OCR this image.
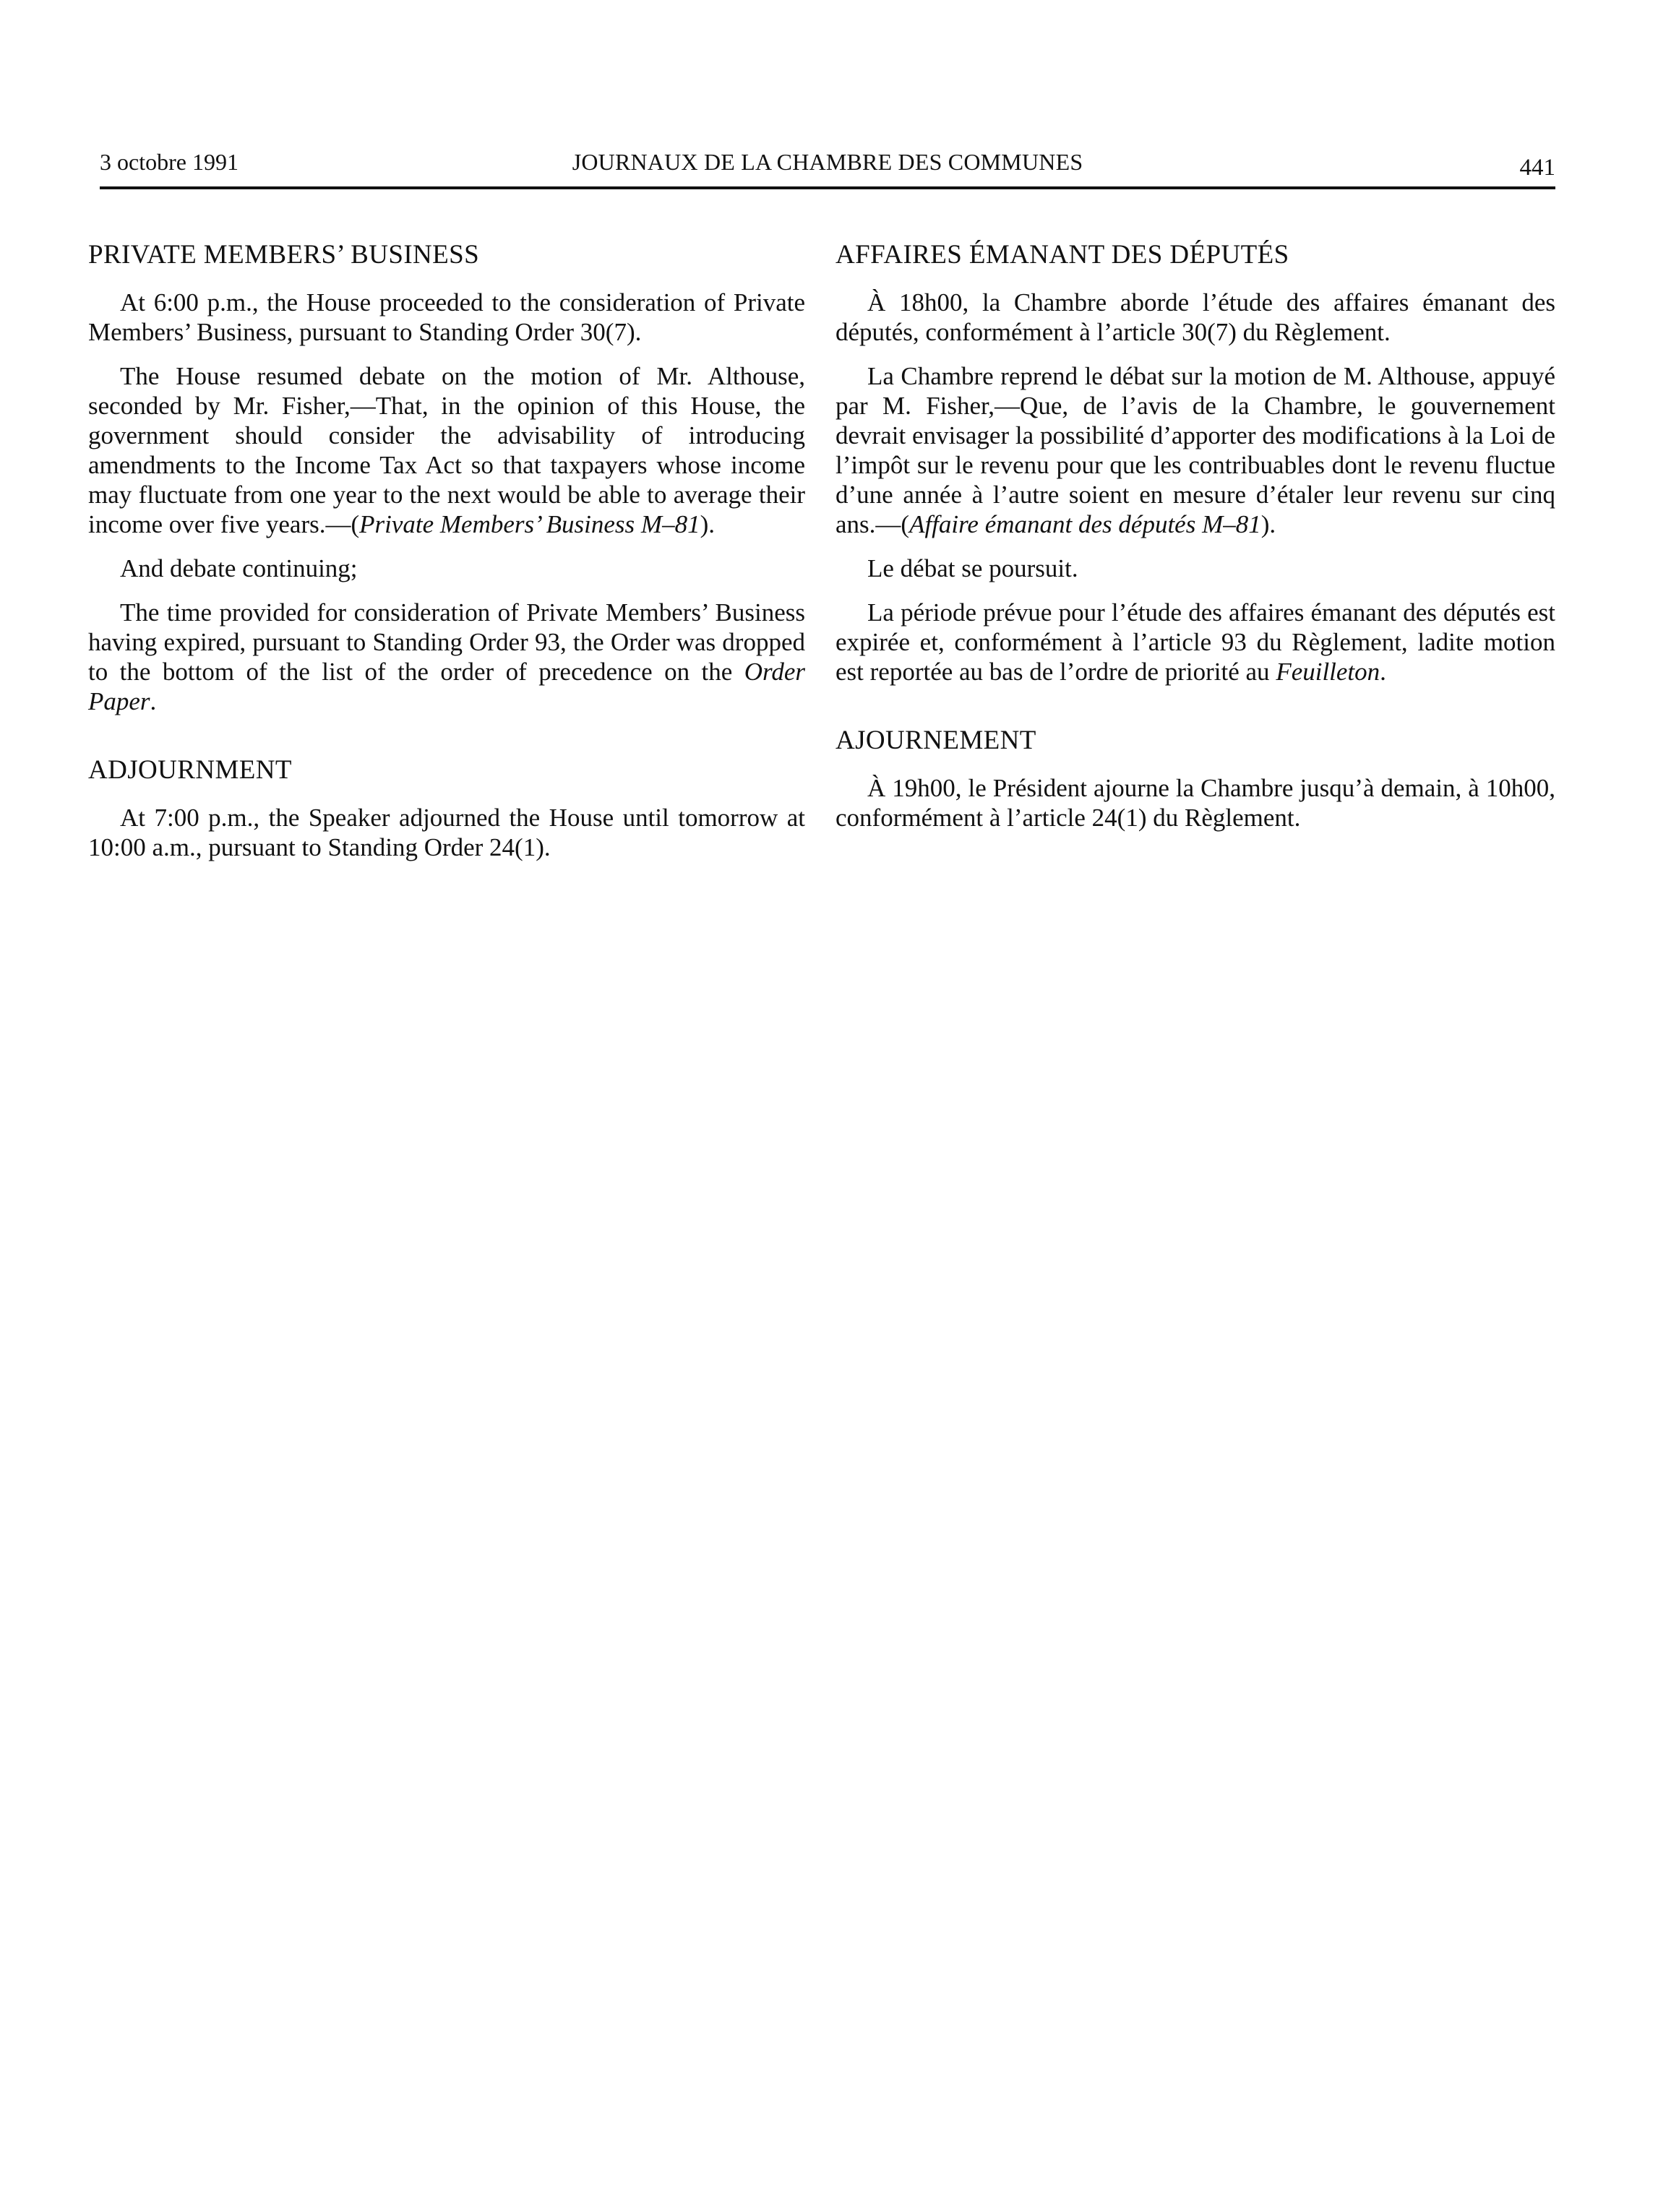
3 octobre 1991	JOURNAUX DE LA CHAMBRE DES COMMUNES	441
PRIVATE MEMBERS’ BUSINESS

At 6:00 p.m., the House proceeded to the consideration of Private Members’ Business, pursuant to Standing Order 30(7).

The House resumed debate on the motion of Mr. Althouse, seconded by Mr. Fisher,—That, in the opinion of this House, the government should consider the advisability of introducing amendments to the Income Tax Act so that taxpayers whose income may fluctuate from one year to the next would be able to average their income over five years.—(Private Members’ Business M–81).

And debate continuing;

The time provided for consideration of Private Members’ Business having expired, pursuant to Standing Order 93, the Order was dropped to the bottom of the list of the order of precedence on the Order Paper.

ADJOURNMENT

At 7:00 p.m., the Speaker adjourned the House until tomorrow at 10:00 a.m., pursuant to Standing Order 24(1).

AFFAIRES ÉMANANT DES DÉPUTÉS

À 18h00, la Chambre aborde l’étude des affaires émanant des députés, conformément à l’article 30(7) du Règlement.

La Chambre reprend le débat sur la motion de M. Althouse, appuyé par M. Fisher,—Que, de l’avis de la Chambre, le gouvernement devrait envisager la possibilité d’apporter des modifications à la Loi de l’impôt sur le revenu pour que les contribuables dont le revenu fluctue d’une année à l’autre soient en mesure d’étaler leur revenu sur cinq ans.—(Affaire émanant des députés M–81).

Le débat se poursuit.

La période prévue pour l’étude des affaires émanant des députés est expirée et, conformément à l’article 93 du Règlement, ladite motion est reportée au bas de l’ordre de priorité au Feuilleton.

AJOURNEMENT

À 19h00, le Président ajourne la Chambre jusqu’à demain, à 10h00, conformément à l’article 24(1) du Règlement.
